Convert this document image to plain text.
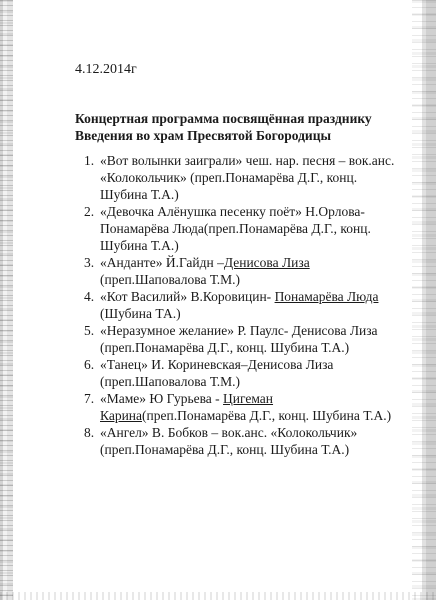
4.12.2014г
Концертная программа посвящённая празднику
Введения во храм Пресвятой Богородицы
1. «Вот волынки заиграли» чеш. нар. песня – вок.анс.
«Колокольчик» (преп.Понамарёва Д.Г., конц.
Шубина Т.А.)
2. «Девочка Алёнушка песенку поёт» Н.Орлова-
Понамарёва Люда(преп.Понамарёва Д.Г., конц.
Шубина Т.А.)
3. «Анданте» Й.Гайдн –Денисова Лиза
(преп.Шаповалова Т.М.)
4. «Кот Василий» В.Коровицин- Понамарёва Люда
(Шубина ТА.)
5. «Неразумное желание» Р. Паулс- Денисова Лиза
(преп.Понамарёва Д.Г., конц. Шубина Т.А.)
6. «Танец» И. Кориневская–Денисова Лиза
(преп.Шаповалова Т.М.)
7. «Маме» Ю Гурьева - Цигеман
Карина(преп.Понамарёва Д.Г., конц. Шубина Т.А.)
8. «Ангел» В. Бобков – вок.анс. «Колокольчик»
(преп.Понамарёва Д.Г., конц. Шубина Т.А.)
